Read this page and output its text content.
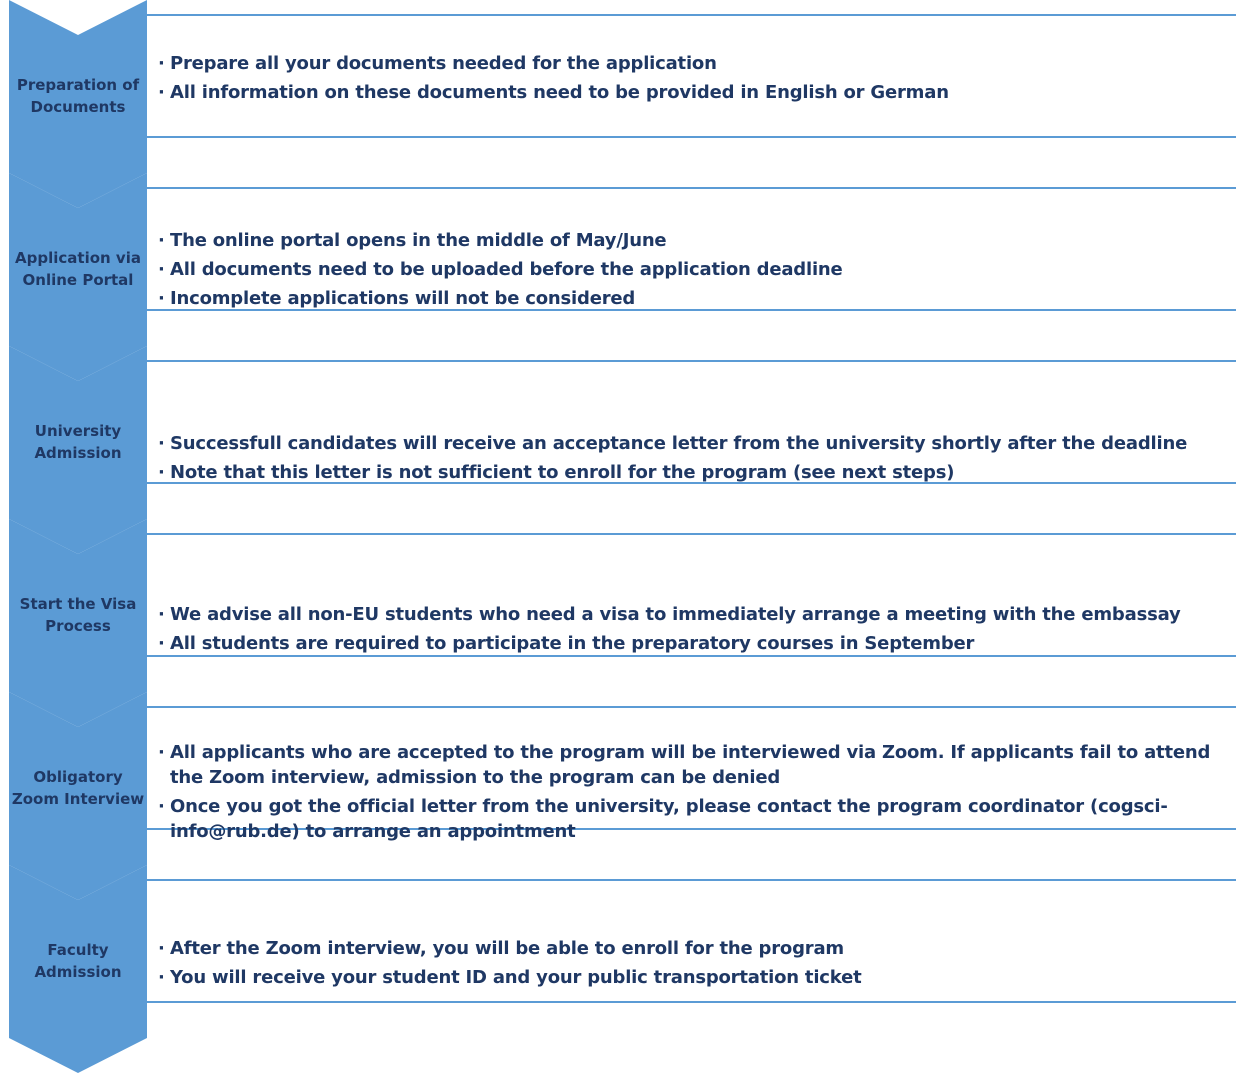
Preparation of
Documents
· Prepare all your documents needed for the application
· All information on these documents need to be provided in English or German
Application via
Online Portal
· The online portal opens in the middle of May/June
· All documents need to be uploaded before the application deadline
· Incomplete applications will not be considered
University
Admission	· Successfull candidates will receive an acceptance letter from the university shortly after the deadline
· Note that this letter is not sufficient to enroll for the program (see next steps)
Start the Visa
Process
· We advise all non-EU students who need a visa to immediately arrange a meeting with the embassay
· All students are required to participate in the preparatory courses in September
Obligatory
Zoom Interview
· All applicants who are accepted to the program will be interviewed via Zoom. If applicants fail to attend the Zoom interview, admission to the program can be denied
· Once you got the official letter from the university, please contact the program coordinator (cogsci-info@rub.de) to arrange an appointment
Faculty
Admission
· After the Zoom interview, you will be able to enroll for the program
· You will receive your student ID and your public transportation ticket
